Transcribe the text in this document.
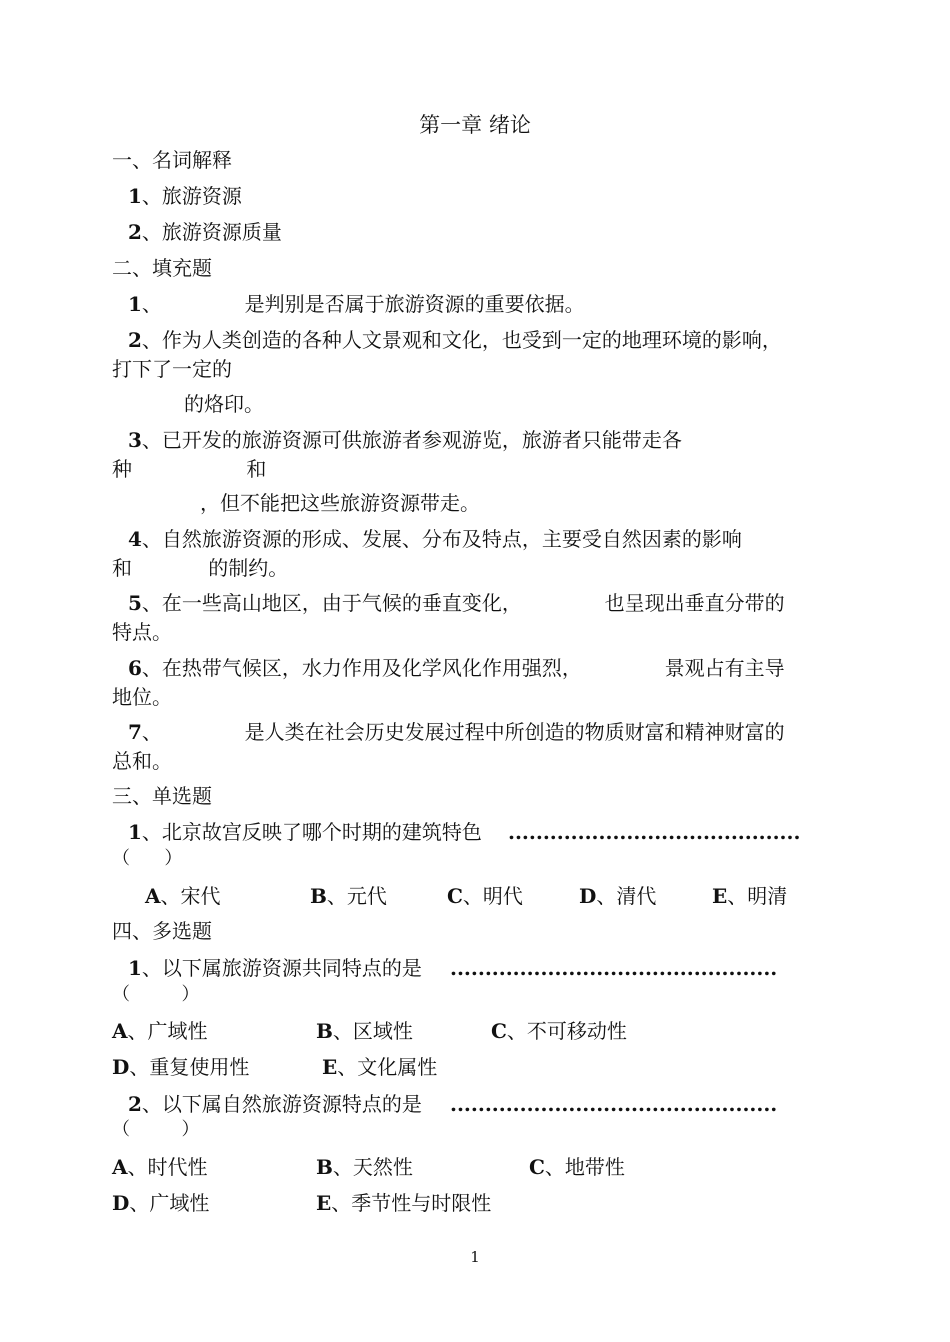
第一章 绪论
一、名词解释
1、旅游资源
2、旅游资源质量
二、填充题
1、             是判别是否属于旅游资源的重要依据。
2、作为人类创造的各种人文景观和文化，也受到一定的地理环境的影响，
打下了一定的
的烙印。
3、已开发的旅游资源可供旅游者参观游览，旅游者只能带走各
种                  和
，但不能把这些旅游资源带走。
4、自然旅游资源的形成、发展、分布及特点，主要受自然因素的影响
和            的制约。
5、在一些高山地区，由于气候的垂直变化，             也呈现出垂直分带的
特点。
6、在热带气候区，水力作用及化学风化作用强烈，             景观占有主导
地位。
7、             是人类在社会历史发展过程中所创造的物质财富和精神财富的
总和。
三、单选题
1、北京故宫反映了哪个时期的建筑特色 ..........................................
（      ）
A、宋代	B、元代	C、明代	D、清代	E、明清
四、多选题
1、以下属旅游资源共同特点的是 ...............................................
（         ）
A、广域性	B、区域性	C、不可移动性
D、重复使用性	E、文化属性
2、以下属自然旅游资源特点的是 ...............................................
（         ）
A、时代性	B、天然性	C、地带性
D、广域性	E、季节性与时限性
1
